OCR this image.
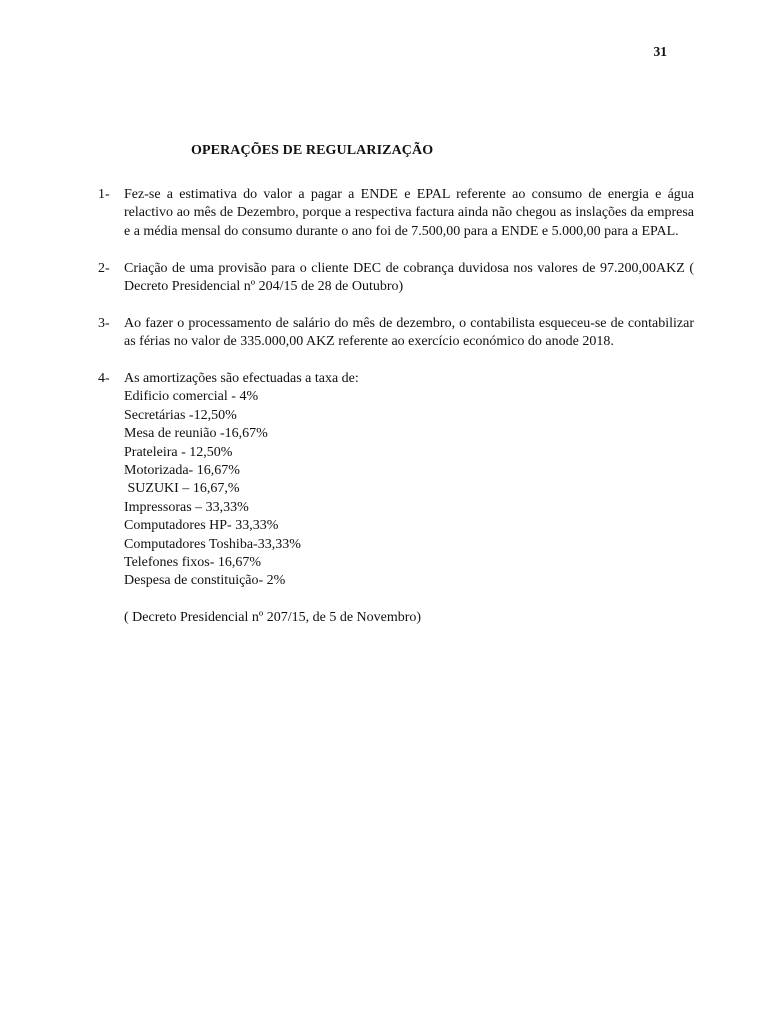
31
OPERAÇÕES DE REGULARIZAÇÃO
1-	Fez-se a estimativa do valor a pagar a ENDE e EPAL referente ao consumo de energia e água relactivo ao mês de Dezembro, porque a respectiva factura ainda não chegou as inslações da empresa e a média mensal do consumo durante o ano foi de 7.500,00 para a ENDE e 5.000,00 para a EPAL.
2-	Criação de uma provisão para o cliente DEC de cobrança duvidosa nos valores de 97.200,00AKZ ( Decreto Presidencial nº 204/15 de 28 de Outubro)
3-	Ao fazer o processamento de salário do mês de dezembro, o contabilista esqueceu-se de contabilizar as férias no valor de 335.000,00 AKZ referente ao exercício económico do anode 2018.
4-	As amortizações são efectuadas a taxa de:
Edificio comercial - 4%
Secretárias -12,50%
Mesa de reunião -16,67%
Prateleira - 12,50%
Motorizada- 16,67%
SUZUKI – 16,67,%
Impressoras – 33,33%
Computadores HP- 33,33%
Computadores Toshiba-33,33%
Telefones fixos- 16,67%
Despesa de constituição- 2%
( Decreto Presidencial nº 207/15, de 5 de Novembro)
